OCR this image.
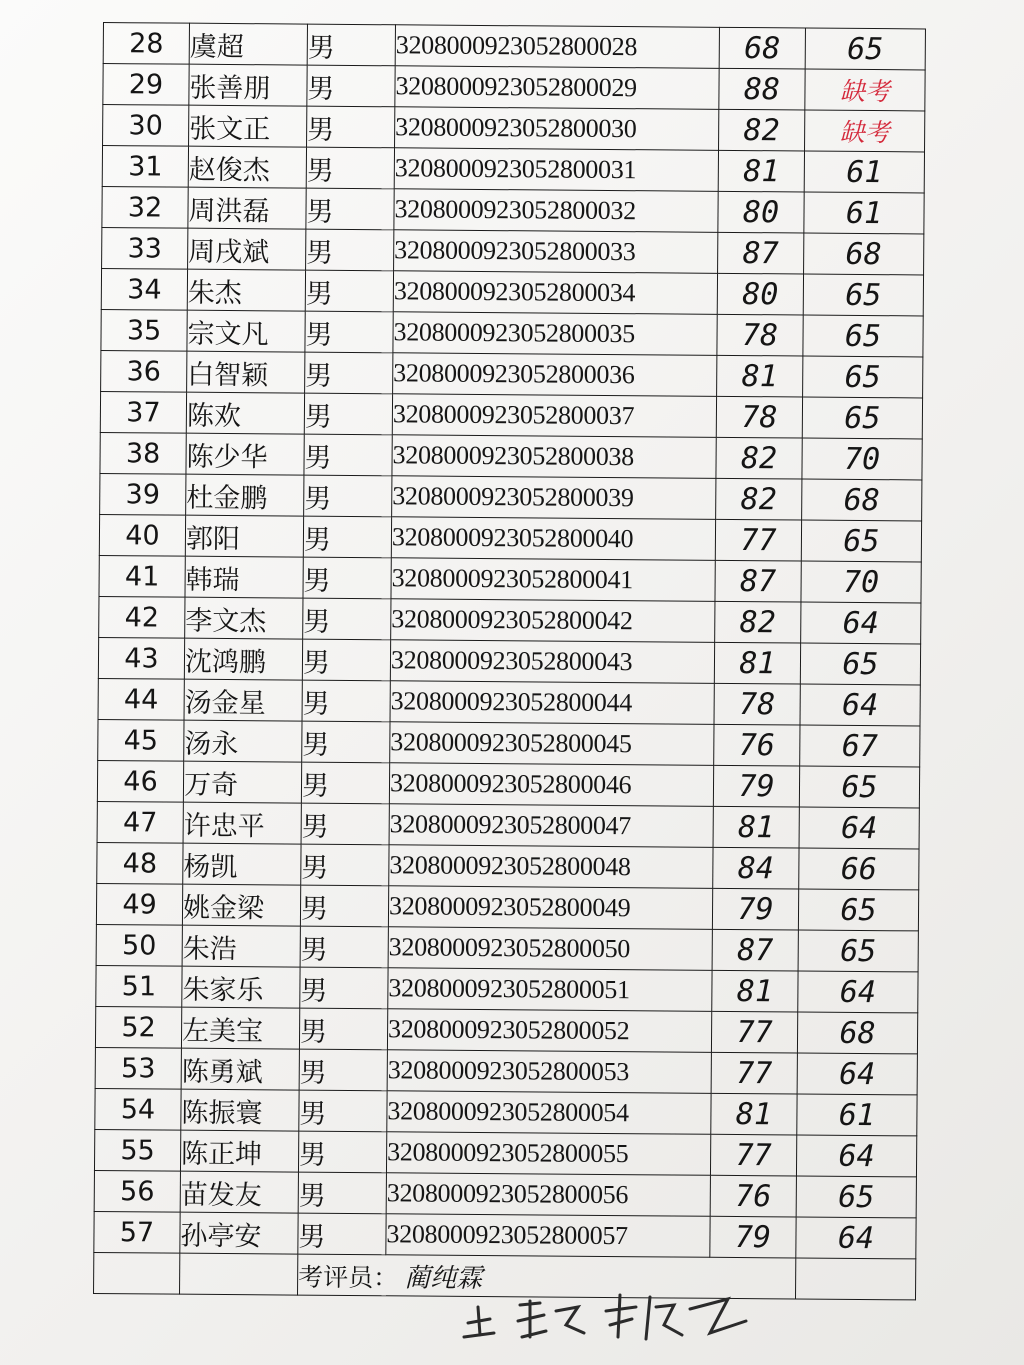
28	虞超	男	3208000923052800028	68	65
29	张善朋	男	3208000923052800029	88	缺考
30	张文正	男	3208000923052800030	82	缺考
31	赵俊杰	男	3208000923052800031	81	61
32	周洪磊	男	3208000923052800032	80	61
33	周戌斌	男	3208000923052800033	87	68
34	朱杰	男	3208000923052800034	80	65
35	宗文凡	男	3208000923052800035	78	65
36	白智颖	男	3208000923052800036	81	65
37	陈欢	男	3208000923052800037	78	65
38	陈少华	男	3208000923052800038	82	70
39	杜金鹏	男	3208000923052800039	82	68
40	郭阳	男	3208000923052800040	77	65
41	韩瑞	男	3208000923052800041	87	70
42	李文杰	男	3208000923052800042	82	64
43	沈鸿鹏	男	3208000923052800043	81	65
44	汤金星	男	3208000923052800044	78	64
45	汤永	男	3208000923052800045	76	67
46	万奇	男	3208000923052800046	79	65
47	许忠平	男	3208000923052800047	81	64
48	杨凯	男	3208000923052800048	84	66
49	姚金梁	男	3208000923052800049	79	65
50	朱浩	男	3208000923052800050	87	65
51	朱家乐	男	3208000923052800051	81	64
52	左美宝	男	3208000923052800052	77	68
53	陈勇斌	男	3208000923052800053	77	64
54	陈振寰	男	3208000923052800054	81	61
55	陈正坤	男	3208000923052800055	77	64
56	苗发友	男	3208000923052800056	76	65
57	孙亭安	男	3208000923052800057	79	64
		考评员： 蔺纯霖			
